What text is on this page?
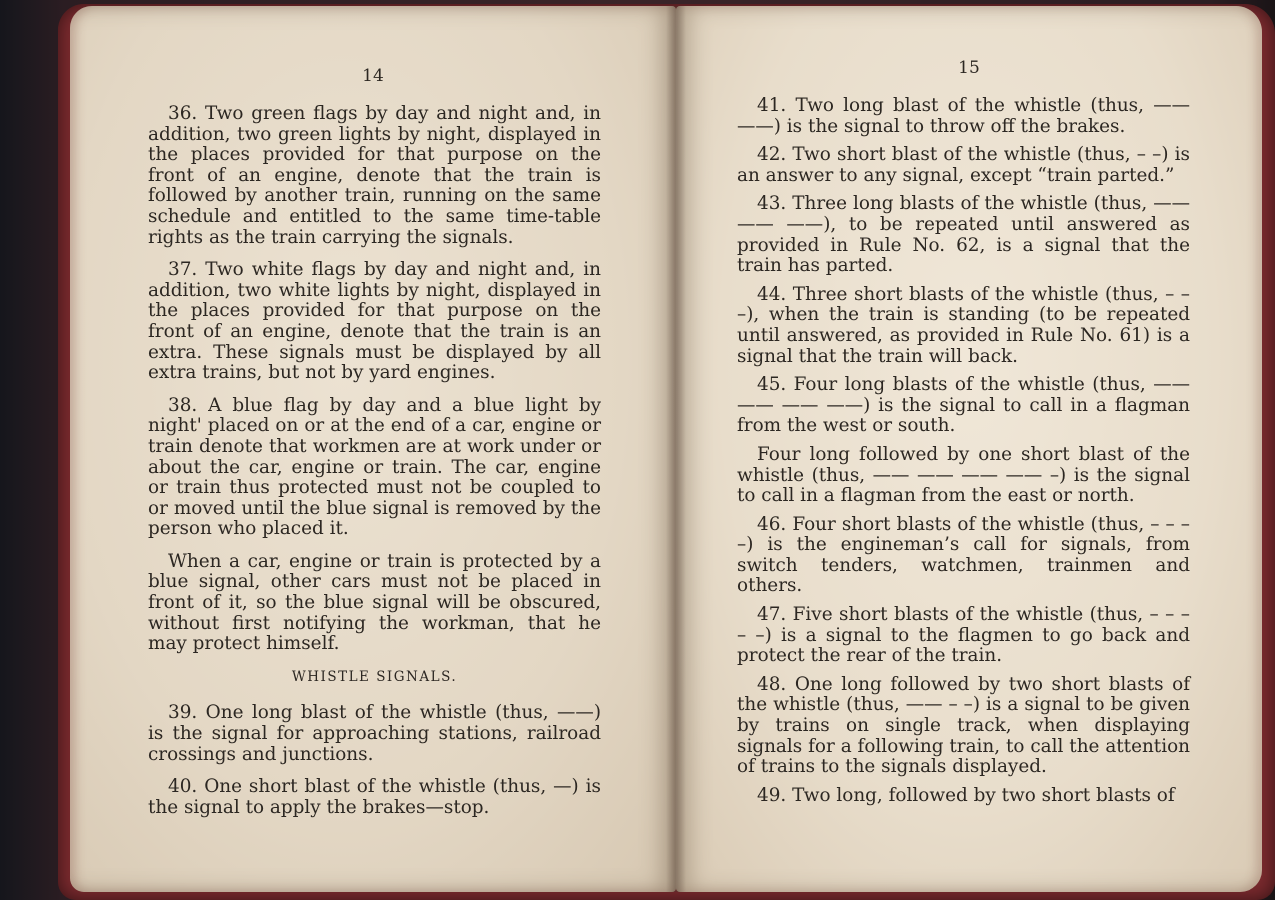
14

36. Two green flags by day and night and, in addition, two green lights by night, displayed in the places provided for that purpose on the front of an engine, denote that the train is followed by another train, running on the same schedule and entitled to the same time-table rights as the train carrying the signals.

37. Two white flags by day and night and, in addition, two white lights by night, displayed in the places provided for that purpose on the front of an engine, denote that the train is an extra. These signals must be displayed by all extra trains, but not by yard engines.

38. A blue flag by day and a blue light by night' placed on or at the end of a car, engine or train denote that workmen are at work under or about the car, engine or train. The car, engine or train thus protected must not be coupled to or moved until the blue signal is removed by the person who placed it.

When a car, engine or train is protected by a blue signal, other cars must not be placed in front of it, so the blue signal will be obscured, without first notifying the workman, that he may protect himself.

WHISTLE SIGNALS.

39. One long blast of the whistle (thus, ——) is the signal for approaching stations, railroad crossings and junctions.

40. One short blast of the whistle (thus, —) is the signal to apply the brakes—stop.

15

41. Two long blast of the whistle (thus, —— ——) is the signal to throw off the brakes.

42. Two short blast of the whistle (thus, – –) is an answer to any signal, except “train parted.”

43. Three long blasts of the whistle (thus, —— —— ——), to be repeated until answered as provided in Rule No. 62, is a signal that the train has parted.

44. Three short blasts of the whistle (thus, – – –), when the train is standing (to be repeated until answered, as provided in Rule No. 61) is a signal that the train will back.

45. Four long blasts of the whistle (thus, —— —— —— ——) is the signal to call in a flagman from the west or south.

Four long followed by one short blast of the whistle (thus, —— —— —— —— –) is the signal to call in a flagman from the east or north.

46. Four short blasts of the whistle (thus, – – – –) is the engineman’s call for signals, from switch tenders, watchmen, trainmen and others.

47. Five short blasts of the whistle (thus, – – – – –) is a signal to the flagmen to go back and protect the rear of the train.

48. One long followed by two short blasts of the whistle (thus, —— – –) is a signal to be given by trains on single track, when displaying signals for a following train, to call the attention of trains to the signals displayed.

49. Two long, followed by two short blasts of
